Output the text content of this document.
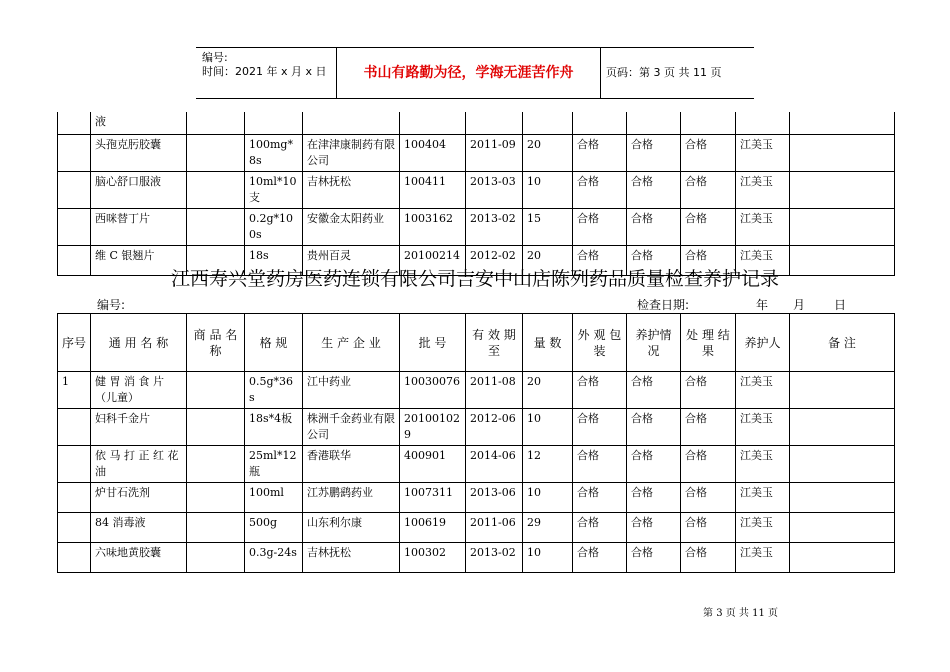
编号:
时间：2021 年 x 月 x 日	书山有路勤为径，学海无涯苦作舟	页码：第 3 页 共 11 页
	液											
	头孢克肟胶囊		100mg*8s	在津津康制药有限公司	100404	2011-09	20	合格	合格	合格	江美玉	
	脑心舒口服液		10ml*10支	吉林抚松	100411	2013-03	10	合格	合格	合格	江美玉	
	西咪替丁片		0.2g*100s	安徽金太阳药业	1003162	2013-02	15	合格	合格	合格	江美玉	
	维 C 银翘片		18s	贵州百灵	20100214	2012-02	20	合格	合格	合格	江美玉	
江西寿兴堂药房医药连锁有限公司吉安中山店陈列药品质量检查养护记录
编号:	检查日期:	年 月 日
序号	通 用 名 称	商 品 名 称	格 规	生 产 企 业	批 号	有 效 期 至	量 数	外 观 包 装	养护情况	处 理 结 果	养护人	备 注
1	健 胃 消 食 片（儿童）		0.5g*36s	江中药业	10030076	2011-08	20	合格	合格	合格	江美玉	
	妇科千金片		18s*4板	株洲千金药业有限公司	201001029	2012-06	10	合格	合格	合格	江美玉	
	依 马 打 正 红 花 油		25ml*12 瓶	香港联华	400901	2014-06	12	合格	合格	合格	江美玉	
	炉甘石洗剂		100ml	江苏鹏鹞药业	1007311	2013-06	10	合格	合格	合格	江美玉	
	84 消毒液		500g	山东利尔康	100619	2011-06	29	合格	合格	合格	江美玉	
	六味地黄胶囊		0.3g-24s	吉林抚松	100302	2013-02	10	合格	合格	合格	江美玉	
第 3 页 共 11 页
